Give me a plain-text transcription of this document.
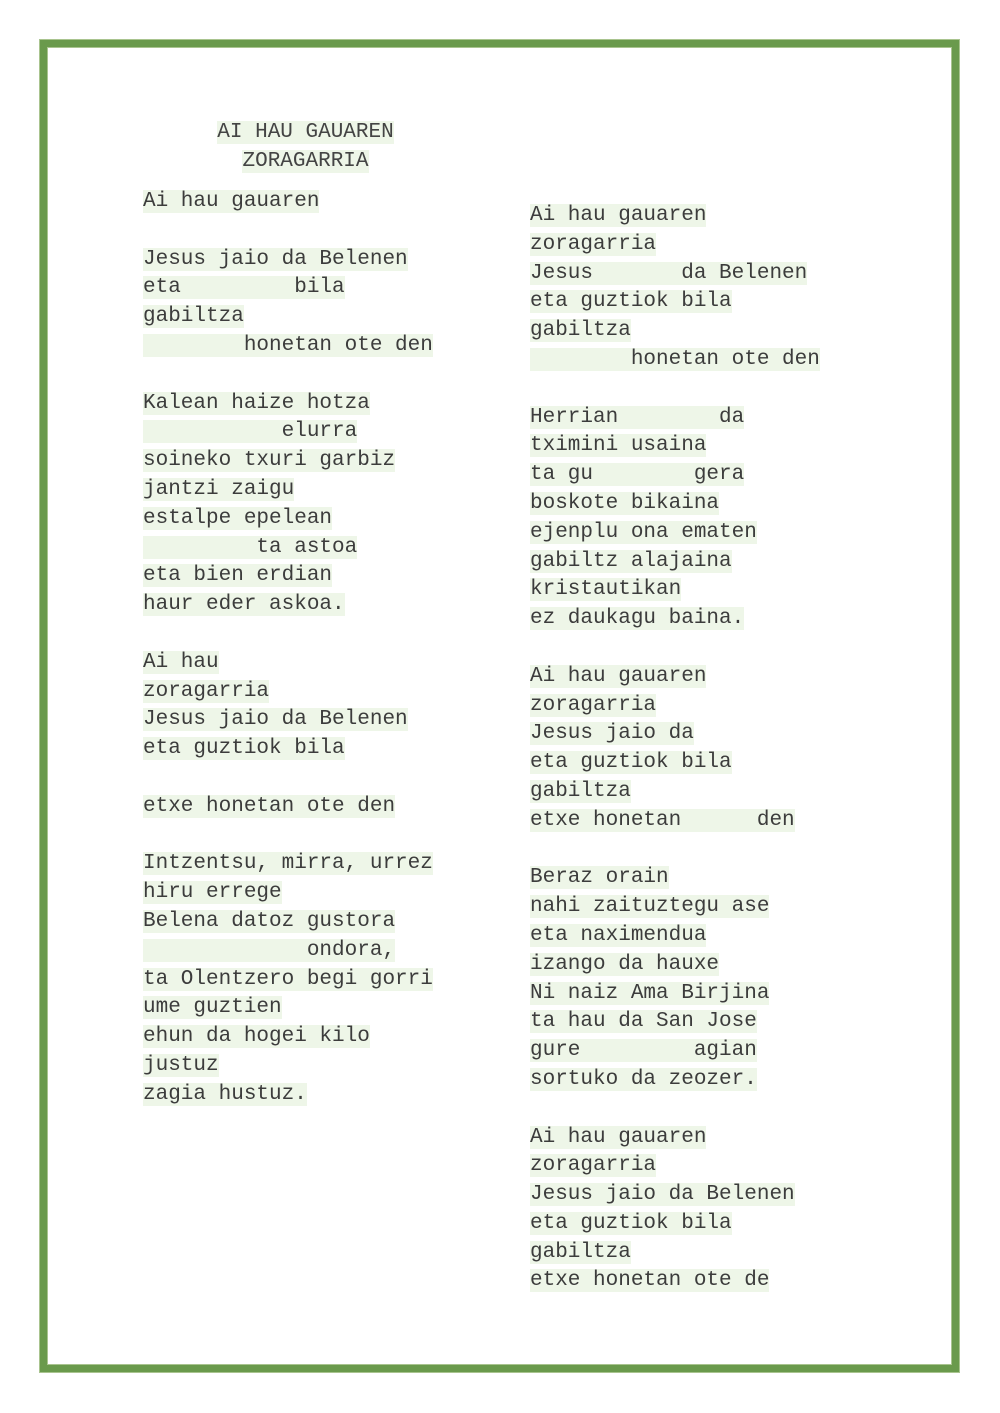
AI HAU GAUAREN
ZORAGARRIA
Ai hau gauaren
Jesus jaio da Belenen
eta         bila
gabiltza
honetan ote den
Kalean haize hotza
elurra
soineko txuri garbiz
jantzi zaigu
estalpe epelean
ta astoa
eta bien erdian
haur eder askoa.
Ai hau
zoragarria
Jesus jaio da Belenen
eta guztiok bila
etxe honetan ote den
Intzentsu, mirra, urrez
hiru errege
Belena datoz gustora
ondora,
ta Olentzero begi gorri
ume guztien
ehun da hogei kilo
justuz
zagia hustuz.
Ai hau gauaren
zoragarria
Jesus       da Belenen
eta guztiok bila
gabiltza
honetan ote den
Herrian        da
tximini usaina
ta gu        gera
boskote bikaina
ejenplu ona ematen
gabiltz alajaina
kristautikan
ez daukagu baina.
Ai hau gauaren
zoragarria
Jesus jaio da
eta guztiok bila
gabiltza
etxe honetan      den
Beraz orain
nahi zaituztegu ase
eta naximendua
izango da hauxe
Ni naiz Ama Birjina
ta hau da San Jose
gure         agian
sortuko da zeozer.
Ai hau gauaren
zoragarria
Jesus jaio da Belenen
eta guztiok bila
gabiltza
etxe honetan ote de
